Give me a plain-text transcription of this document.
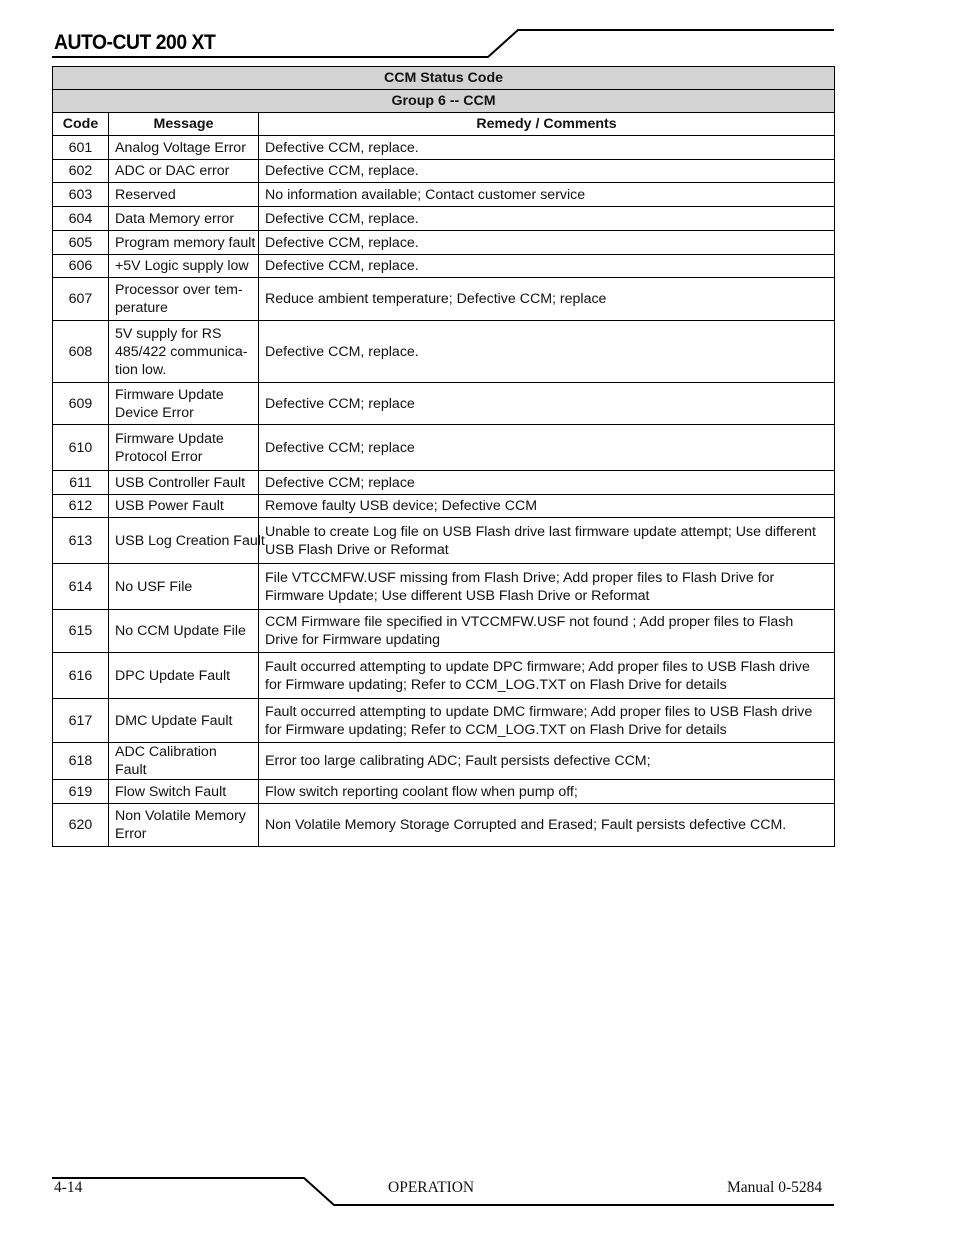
AUTO-CUT 200 XT
CCM Status Code		
Group 6 -- CCM		
Code	Message	Remedy / Comments
601	Analog Voltage Error	Defective CCM, replace.
602	ADC or DAC error	Defective CCM, replace.
603	Reserved	No information available; Contact customer service
604	Data Memory error	Defective CCM, replace.
605	Program memory fault	Defective CCM, replace.
606	+5V Logic supply low	Defective CCM, replace.
607	Processor over tem-perature	Reduce ambient temperature; Defective CCM; replace
608	5V supply for RS 485/422 communica-tion low.	Defective CCM, replace.
609	Firmware Update Device Error	Defective CCM; replace
610	Firmware Update Protocol Error	Defective CCM; replace
611	USB Controller Fault	Defective CCM; replace
612	USB Power Fault	Remove faulty USB device; Defective CCM
613	USB Log Creation Fault	Unable to create Log file on USB Flash drive last firmware update attempt; Use different USB Flash Drive or Reformat
614	No USF File	File VTCCMFW.USF missing from Flash Drive; Add proper files to Flash Drive for Firmware Update; Use different USB Flash Drive or Reformat
615	No CCM Update File	CCM Firmware file specified in VTCCMFW.USF not found ; Add proper files to Flash Drive for Firmware updating
616	DPC Update Fault	Fault occurred attempting to update DPC firmware; Add proper files to USB Flash drive for Firmware updating; Refer to CCM_LOG.TXT on Flash Drive for details
617	DMC Update Fault	Fault occurred attempting to update DMC firmware; Add proper files to USB Flash drive for Firmware updating; Refer to CCM_LOG.TXT on Flash Drive for details
618	ADC Calibration Fault	Error too large calibrating ADC; Fault persists defective CCM;
619	Flow Switch Fault	Flow switch reporting coolant flow when pump off;
620	Non Volatile Memory Error	Non Volatile Memory Storage Corrupted and Erased; Fault persists defective CCM.
4-14	OPERATION	Manual 0-5284
